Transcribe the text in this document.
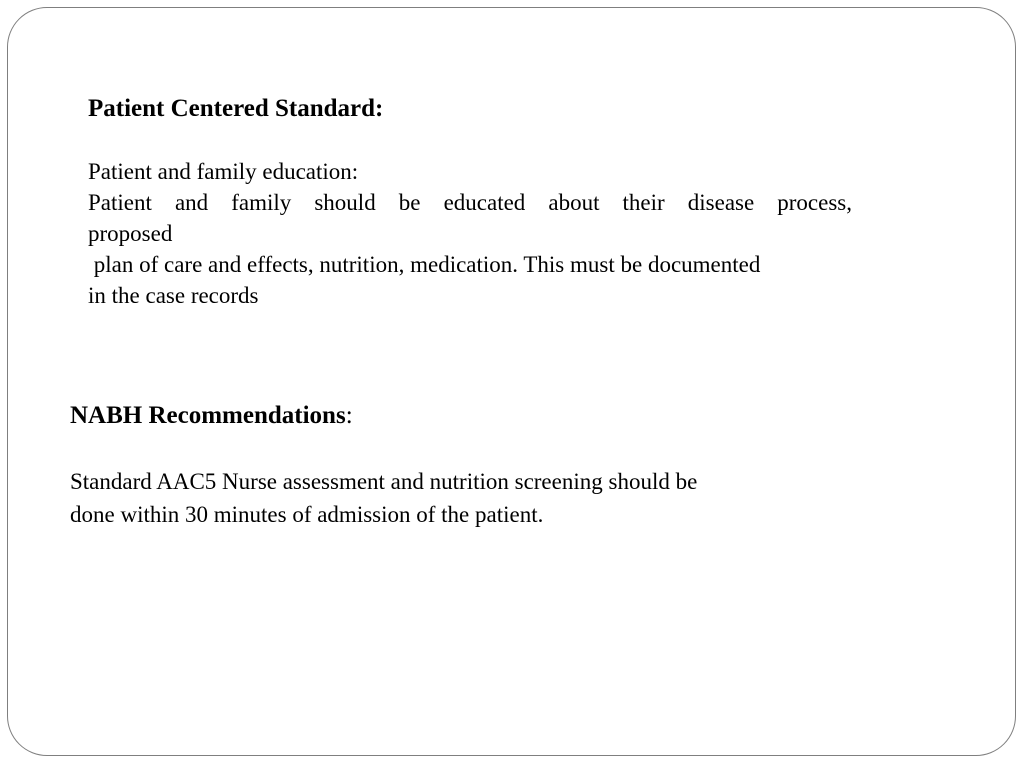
Patient Centered Standard:
Patient and family education:
Patient and family should be educated about their disease process,
proposed
plan of care and effects, nutrition, medication. This must be documented
in the case records
NABH Recommendations:
Standard AAC5 Nurse assessment and nutrition screening should be
done within 30 minutes of admission of the patient.
